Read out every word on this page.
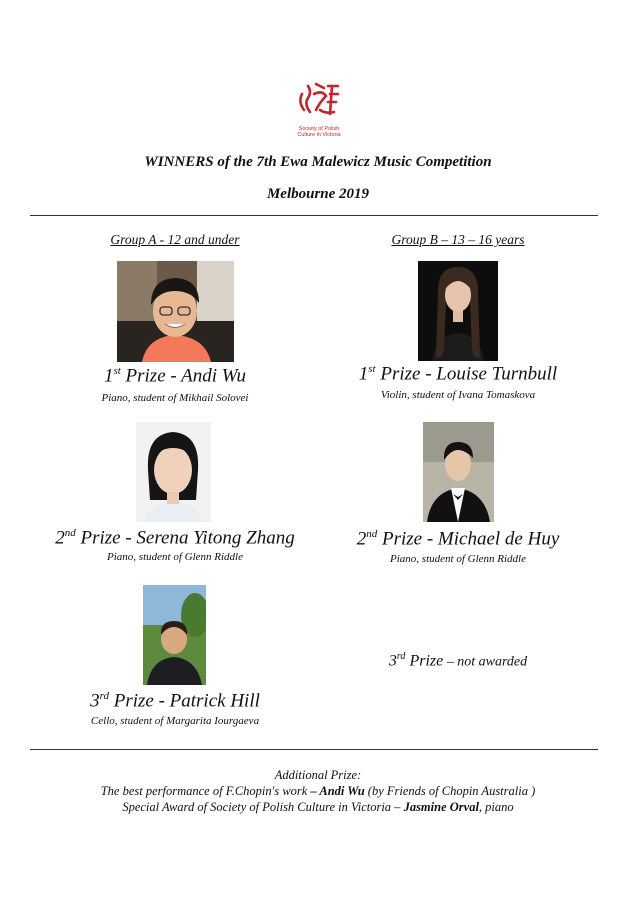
Society of Polish
Culture in Victoria
WINNERS of the 7th Ewa Malewicz Music Competition
Melbourne 2019
Group A - 12 and under	Group B – 13 – 16 years
1st Prize - Andi Wu
Piano, student of Mikhail Solovei
1st Prize - Louise Turnbull
Violin, student of Ivana Tomaskova
2nd Prize - Serena Yitong Zhang
Piano, student of Glenn Riddle
2nd Prize - Michael de Huy
Piano, student of Glenn Riddle
3rd Prize - Patrick Hill
Cello, student of Margarita Iourgaeva
3rd Prize – not awarded
Additional Prize:
The best performance of F.Chopin's work – Andi Wu (by Friends of Chopin Australia )
Special Award of Society of Polish Culture in Victoria – Jasmine Orval, piano
